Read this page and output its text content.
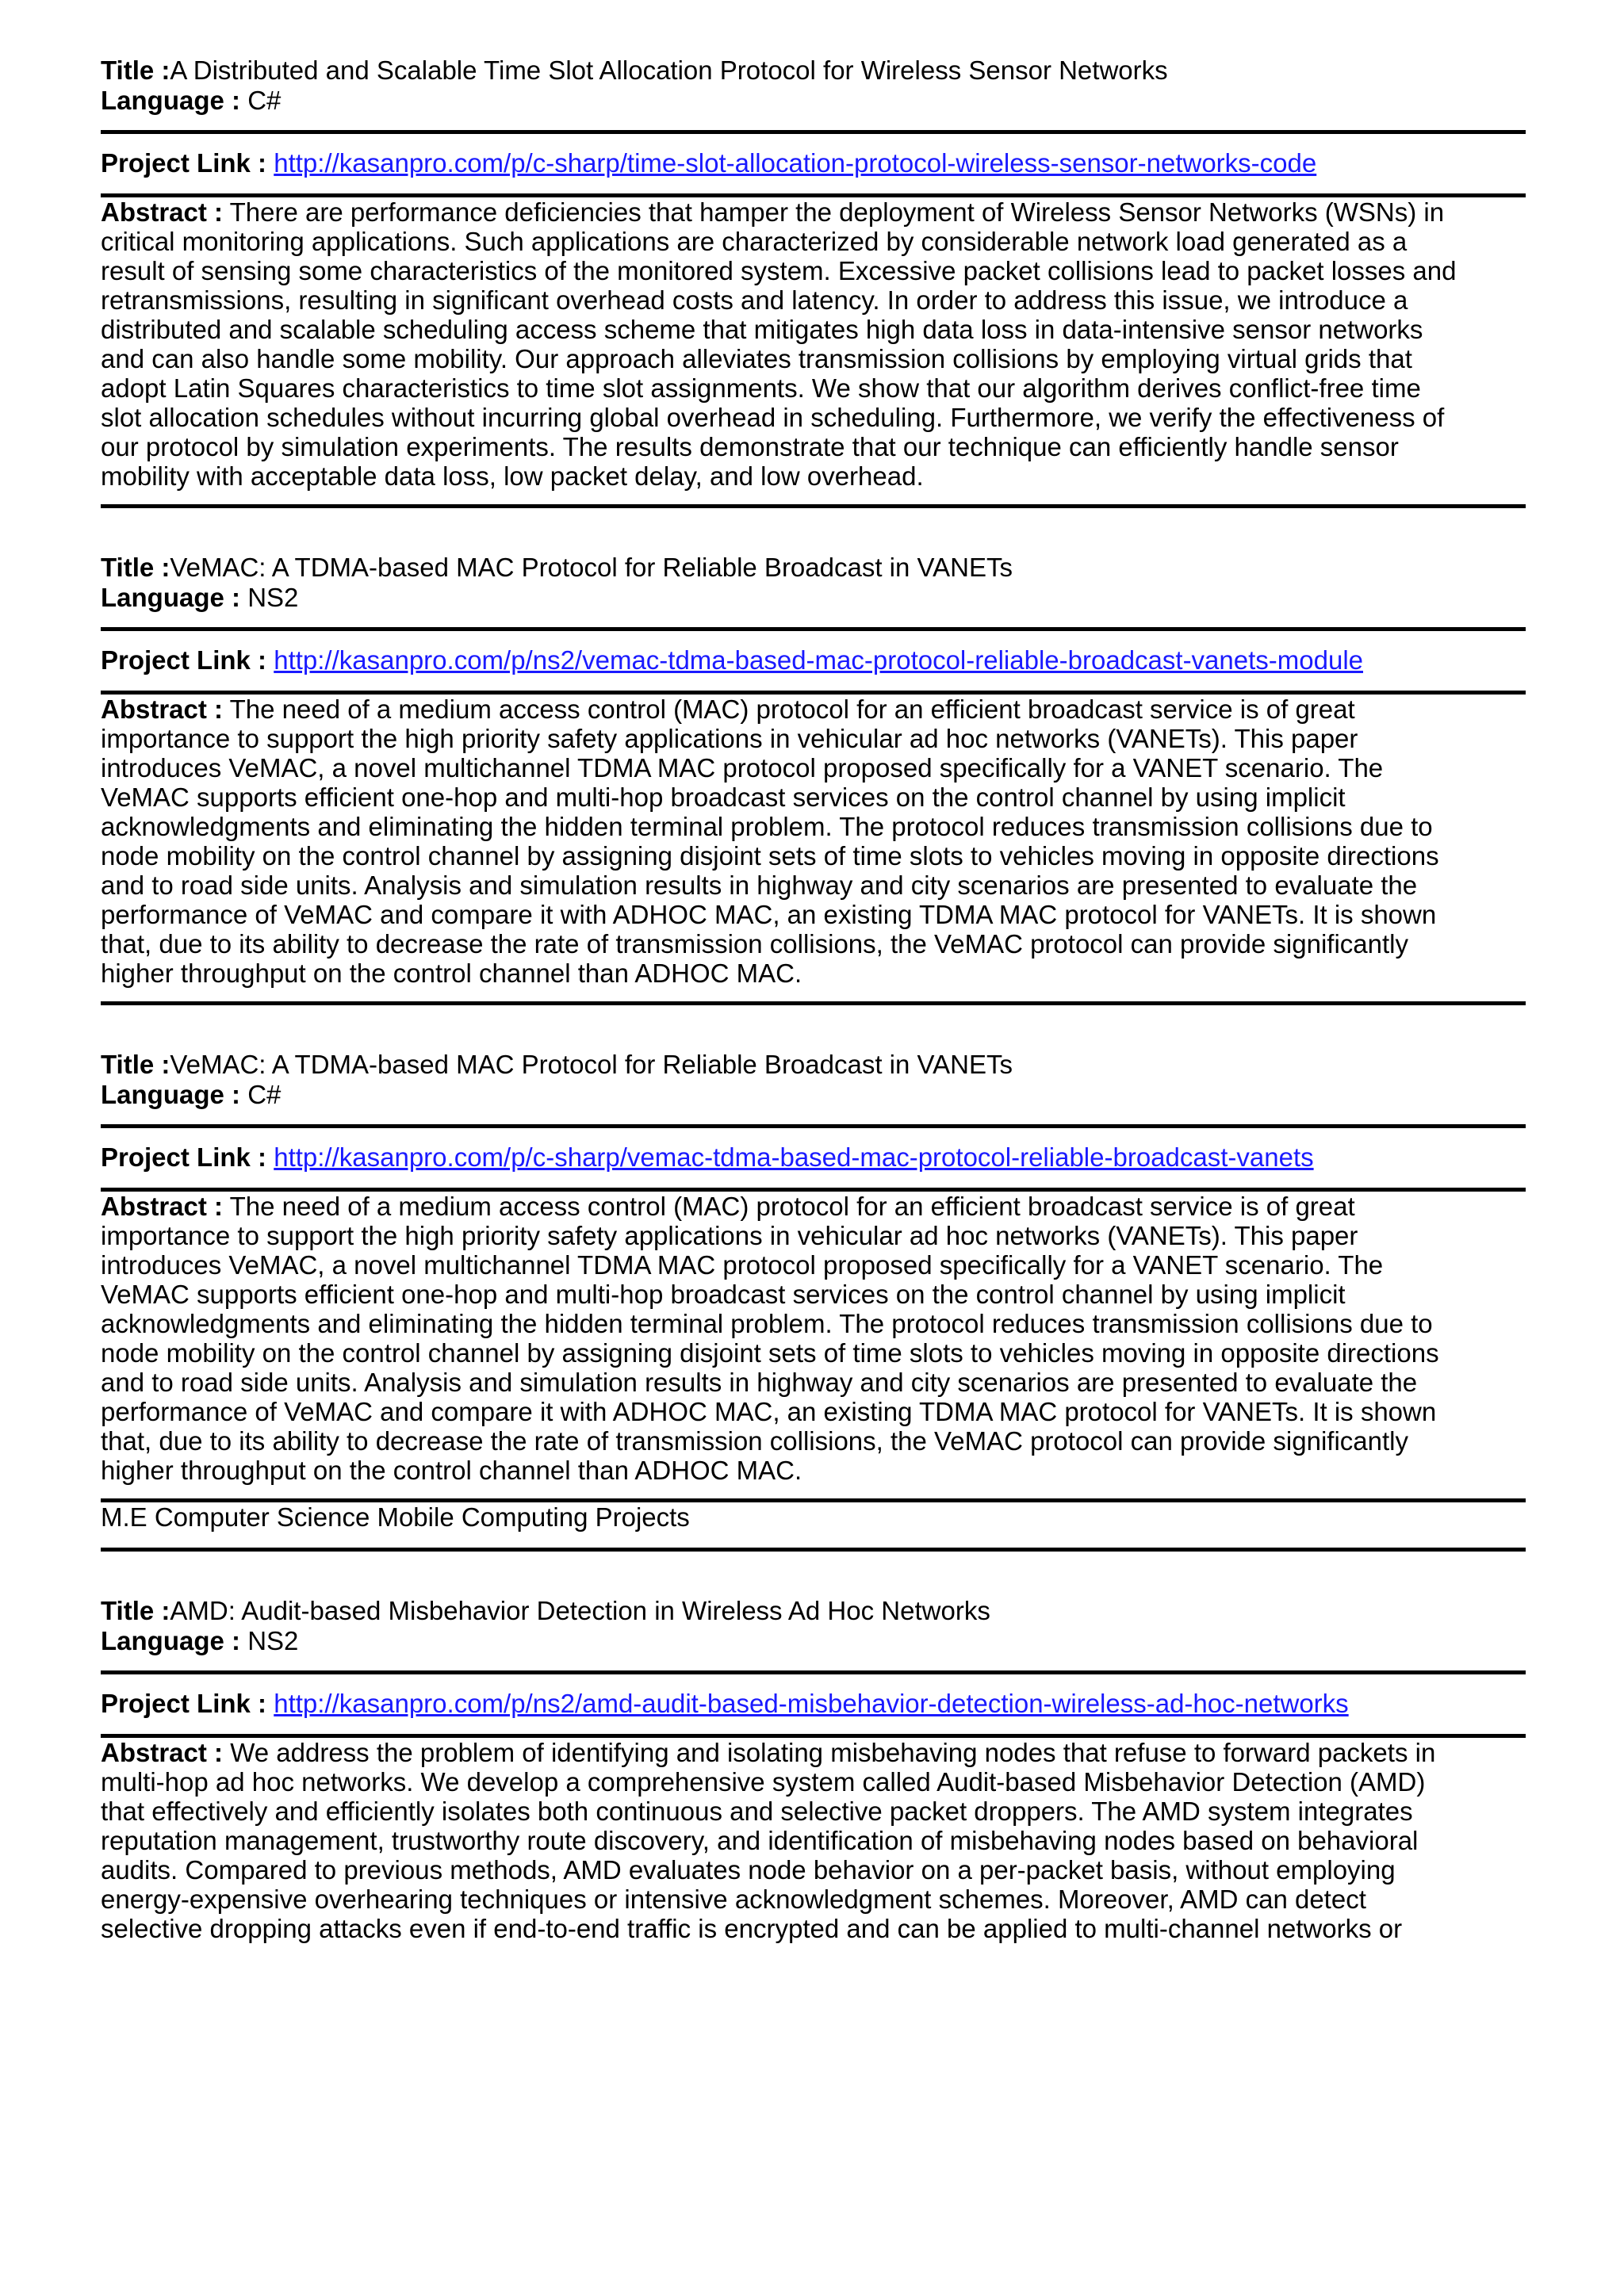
Title :A Distributed and Scalable Time Slot Allocation Protocol for Wireless Sensor Networks

Language : C#

Project Link : http://kasanpro.com/p/c-sharp/time-slot-allocation-protocol-wireless-sensor-networks-code

Abstract : There are performance deficiencies that hamper the deployment of Wireless Sensor Networks (WSNs) in
critical monitoring applications. Such applications are characterized by considerable network load generated as a
result of sensing some characteristics of the monitored system. Excessive packet collisions lead to packet losses and
retransmissions, resulting in significant overhead costs and latency. In order to address this issue, we introduce a
distributed and scalable scheduling access scheme that mitigates high data loss in data-intensive sensor networks
and can also handle some mobility. Our approach alleviates transmission collisions by employing virtual grids that
adopt Latin Squares characteristics to time slot assignments. We show that our algorithm derives conflict-free time
slot allocation schedules without incurring global overhead in scheduling. Furthermore, we verify the effectiveness of
our protocol by simulation experiments. The results demonstrate that our technique can efficiently handle sensor
mobility with acceptable data loss, low packet delay, and low overhead.

Title :VeMAC: A TDMA-based MAC Protocol for Reliable Broadcast in VANETs

Language : NS2

Project Link : http://kasanpro.com/p/ns2/vemac-tdma-based-mac-protocol-reliable-broadcast-vanets-module

Abstract : The need of a medium access control (MAC) protocol for an efficient broadcast service is of great
importance to support the high priority safety applications in vehicular ad hoc networks (VANETs). This paper
introduces VeMAC, a novel multichannel TDMA MAC protocol proposed specifically for a VANET scenario. The
VeMAC supports efficient one-hop and multi-hop broadcast services on the control channel by using implicit
acknowledgments and eliminating the hidden terminal problem. The protocol reduces transmission collisions due to
node mobility on the control channel by assigning disjoint sets of time slots to vehicles moving in opposite directions
and to road side units. Analysis and simulation results in highway and city scenarios are presented to evaluate the
performance of VeMAC and compare it with ADHOC MAC, an existing TDMA MAC protocol for VANETs. It is shown
that, due to its ability to decrease the rate of transmission collisions, the VeMAC protocol can provide significantly
higher throughput on the control channel than ADHOC MAC.

Title :VeMAC: A TDMA-based MAC Protocol for Reliable Broadcast in VANETs

Language : C#

Project Link : http://kasanpro.com/p/c-sharp/vemac-tdma-based-mac-protocol-reliable-broadcast-vanets

Abstract : The need of a medium access control (MAC) protocol for an efficient broadcast service is of great
importance to support the high priority safety applications in vehicular ad hoc networks (VANETs). This paper
introduces VeMAC, a novel multichannel TDMA MAC protocol proposed specifically for a VANET scenario. The
VeMAC supports efficient one-hop and multi-hop broadcast services on the control channel by using implicit
acknowledgments and eliminating the hidden terminal problem. The protocol reduces transmission collisions due to
node mobility on the control channel by assigning disjoint sets of time slots to vehicles moving in opposite directions
and to road side units. Analysis and simulation results in highway and city scenarios are presented to evaluate the
performance of VeMAC and compare it with ADHOC MAC, an existing TDMA MAC protocol for VANETs. It is shown
that, due to its ability to decrease the rate of transmission collisions, the VeMAC protocol can provide significantly
higher throughput on the control channel than ADHOC MAC.

M.E Computer Science Mobile Computing Projects

Title :AMD: Audit-based Misbehavior Detection in Wireless Ad Hoc Networks

Language : NS2

Project Link : http://kasanpro.com/p/ns2/amd-audit-based-misbehavior-detection-wireless-ad-hoc-networks

Abstract : We address the problem of identifying and isolating misbehaving nodes that refuse to forward packets in
multi-hop ad hoc networks. We develop a comprehensive system called Audit-based Misbehavior Detection (AMD)
that effectively and efficiently isolates both continuous and selective packet droppers. The AMD system integrates
reputation management, trustworthy route discovery, and identification of misbehaving nodes based on behavioral
audits. Compared to previous methods, AMD evaluates node behavior on a per-packet basis, without employing
energy-expensive overhearing techniques or intensive acknowledgment schemes. Moreover, AMD can detect
selective dropping attacks even if end-to-end traffic is encrypted and can be applied to multi-channel networks or
